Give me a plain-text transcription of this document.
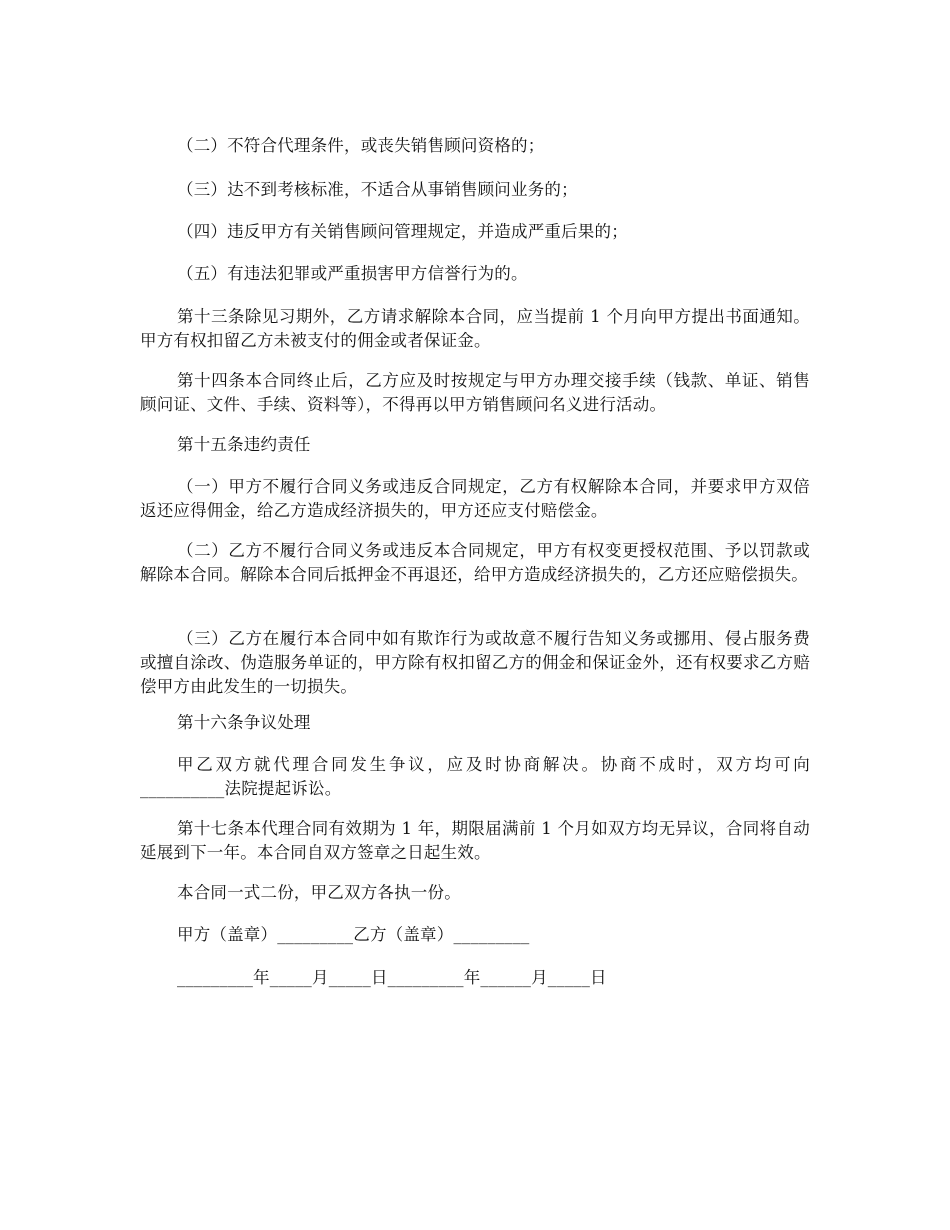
（二）不符合代理条件，或丧失销售顾问资格的；

（三）达不到考核标准，不适合从事销售顾问业务的；

（四）违反甲方有关销售顾问管理规定，并造成严重后果的；

（五）有违法犯罪或严重损害甲方信誉行为的。

第十三条除见习期外，乙方请求解除本合同，应当提前 1 个月向甲方提出书面通知。甲方有权扣留乙方未被支付的佣金或者保证金。

第十四条本合同终止后，乙方应及时按规定与甲方办理交接手续（钱款、单证、销售顾问证、文件、手续、资料等），不得再以甲方销售顾问名义进行活动。

第十五条违约责任

（一）甲方不履行合同义务或违反合同规定，乙方有权解除本合同，并要求甲方双倍返还应得佣金，给乙方造成经济损失的，甲方还应支付赔偿金。

（二）乙方不履行合同义务或违反本合同规定，甲方有权变更授权范围、予以罚款或解除本合同。解除本合同后抵押金不再退还，给甲方造成经济损失的，乙方还应赔偿损失。

（三）乙方在履行本合同中如有欺诈行为或故意不履行告知义务或挪用、侵占服务费或擅自涂改、伪造服务单证的，甲方除有权扣留乙方的佣金和保证金外，还有权要求乙方赔偿甲方由此发生的一切损失。

第十六条争议处理

甲乙双方就代理合同发生争议，应及时协商解决。协商不成时，双方均可向__________法院提起诉讼。

第十七条本代理合同有效期为 1 年，期限届满前 1 个月如双方均无异议，合同将自动延展到下一年。本合同自双方签章之日起生效。

本合同一式二份，甲乙双方各执一份。

甲方（盖章）_________乙方（盖章）_________

_________年_____月_____日_________年______月_____日
